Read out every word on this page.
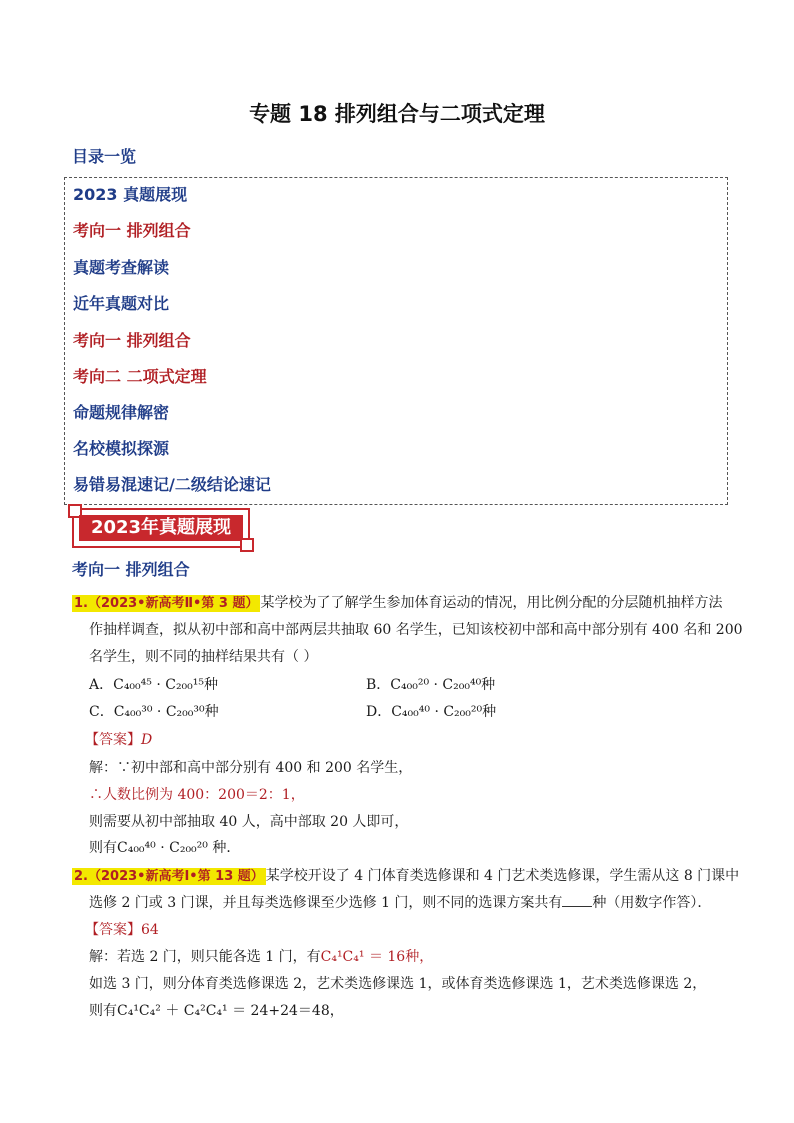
专题 18 排列组合与二项式定理
目录一览
2023 真题展现
考向一 排列组合
真题考查解读
近年真题对比
考向一 排列组合
考向二 二项式定理
命题规律解密
名校模拟探源
易错易混速记/二级结论速记
2023年真题展现
考向一 排列组合
1.（2023•新高考Ⅱ•第 3 题） 某学校为了了解学生参加体育运动的情况，用比例分配的分层随机抽样方法
作抽样调查，拟从初中部和高中部两层共抽取 60 名学生，已知该校初中部和高中部分别有 400 名和 200
名学生，则不同的抽样结果共有（ ）
A．C₄₀₀⁴⁵ · C₂₀₀¹⁵种	B．C₄₀₀²⁰ · C₂₀₀⁴⁰种
C．C₄₀₀³⁰ · C₂₀₀³⁰种	D．C₄₀₀⁴⁰ · C₂₀₀²⁰种
【答案】D
解：∵初中部和高中部分别有 400 和 200 名学生，
∴人数比例为 400：200＝2：1，
则需要从初中部抽取 40 人，高中部取 20 人即可，
则有C₄₀₀⁴⁰ · C₂₀₀²⁰ 种．
2.（2023•新高考Ⅰ•第 13 题） 某学校开设了 4 门体育类选修课和 4 门艺术类选修课，学生需从这 8 门课中
选修 2 门或 3 门课，并且每类选修课至少选修 1 门，则不同的选课方案共有 种（用数字作答）．
【答案】64
解：若选 2 门，则只能各选 1 门，有C₄¹C₄¹ ＝ 16种，
如选 3 门，则分体育类选修课选 2，艺术类选修课选 1，或体育类选修课选 1，艺术类选修课选 2，
则有C₄¹C₄² ＋ C₄²C₄¹ ＝ 24+24＝48，
